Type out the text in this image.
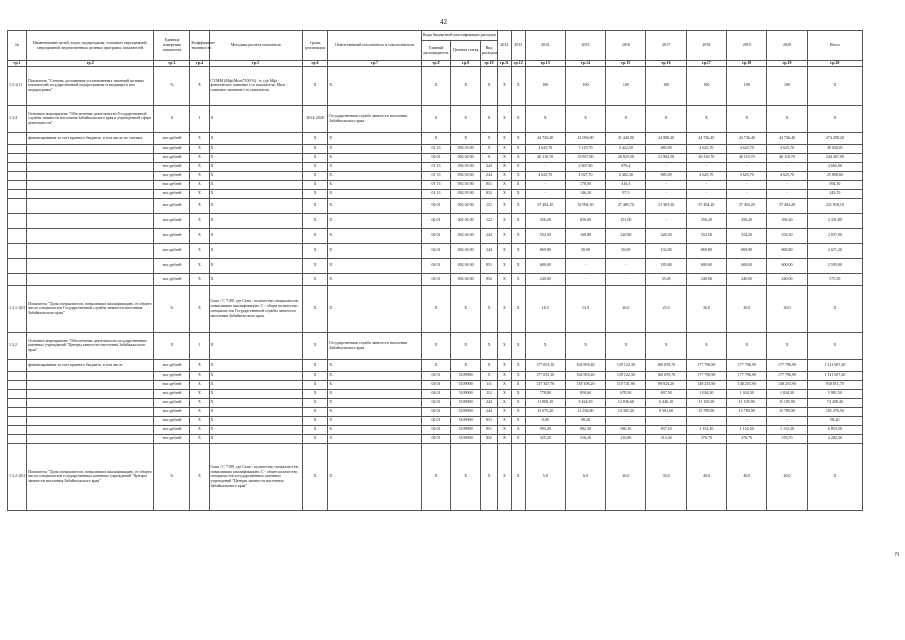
42
N
№	Наименование целей, задач, подпрограмм, основных мероприятий, мероприятий, ведомственных целевых программ, показателей	Единица измерения показателя	Коэффициент значимости	Методика расчета показателя	Сроки реализации	Ответственный исполнитель и соисполнители	Коды бюджетной классификации расходов			2012	2013	2014	2015	2016	2017	2018	2019	2020	Итого
							Главный распорядитель	Целевая статья	Вид расходов										
гр.1	гр.2	гр.3	гр.4	гр.5	гр.6	гр.7	гр.8	гр.9	гр.10	гр.11	гр.12	гр.13	гр.14	гр.15	гр.16	гр.17	гр.18	гр.19	гр.20
1.5.1(1)	Показатель "Степень достижения установленных значений целевых показателей государственной подпрограммы и входящих в нее подпрограмм"	%	X	СУММ (Мфi/Мплi*100 %) / n, где Мфi - фактическое значение i-го показателя; Мплi - плановое значение i-го показателя	X	X	X	X	X	X	X	100	100	100	100	100	100	100	X
1.3.4	Основное мероприятие "Обеспечение деятельности Государственной службы занятости населения Забайкальского края и учрежденной сфере деятельности"	X	1	X	2014-2020	Государственная служба занятости населения Забайкальского края	X	X	X	X	X	X	X	X	X	X	X	X	X
	финансирование за счет краевого бюджета, в том числе по статьям:	тыс.рублей	X	X	X	X	X	X	X	X	X	44 736,40	41 056,00	31 440,00	22 808,20	44 736,40	44 736,40	44 736,40	274 298,20
		тыс.рублей	X	X	X	X	01 13	092 03 00	X	X	X	4 625,70	7 219,70	3 422,50	885,09	4 625,70	4 625,70	4 625,70	30 030,01
		тыс.рублей	X	X	X	X	04 01	002 04 00	X	X	X	40 110,70	33 837,00	26 025,50	21 962,58	40 110,70	40 110,70	40 110,70	244 267,09
		тыс.рублей	X	X	X	X	01 13	092 03 00	242	X	X	-	2 867,60	876,4	-	-	-	-	3 662,00
		тыс.рублей	X	X	X	X	01 13	092 03 00	244	X	X	4 625,70	4 027,70	2 482,30	885,09	4 625,70	4 625,70	4 625,70	25 898,60
		тыс.рублей	X	X	X	X	01 13	092 03 00	851	X	X	-	178,00	416,3	-	-	-	-	594,30
		тыс.рублей	X	X	X	X	01 13	092 03 00	852	X	X	-	146,20	97,5	-	-	-	-	243,70
		тыс.рублей	X	X	X	X	04 01	002 04 00	121	X	X	37 494,20	32 994,30	27 485,70	21 383,30	37 494,20	37 494,20	37 494,20	231 818,10
		тыс.рублей	X	X	X	X	04 01	002 04 00	122	X	X	356,20	656,00	251,00	-	356,20	356,20	356,20	2 331,80
		тыс.рублей	X	X	X	X	04 01	002 04 00	242	X	X	554,50	160,80	220,80	226,30	554,50	554,50	554,50	2 837,00
		тыс.рублей	X	X	X	X	04 01	002 04 00	244	X	X	869,80	30,00	56,00	132,00	869,80	869,80	869,80	2 671,20
		тыс.рублей	X	X	X	X	04 01	002 04 00	851	X	X	600,00	-	-	185,00	600,00	600,00	600,00	2 595,00
		тыс.рублей	X	X	X	X	04 01	002 04 00	852	X	X	240,00	-	-	35,00	240,00	240,00	240,00	575,50
1.3.1.1(01)	Показатель "Доля специалистов, повысивших квалификацию, от общего числа специалистов Государственной службы занятости населения Забайкальского края"	%	X	Скпк / С *100, где Скпк - количество специалистов, повысивших квалификацию; С - общее количество специалистов Государственной службы занятости населения Забайкальского края	X	X	X	X	X	X	X	16,5	13,0	20,0	25,0	30,0	30,0	30,0	X
1.3.2	Основное мероприятие "Обеспечение деятельности государственных казенных учреждений "Центры занятости населения Забайкальского края"	X	1	X	X	Государственная служба занятости населения Забайкальского края	X	X	X	X	X	X	X	X	X	X	X	X	X
	финансирование за счет краевого бюджета, в том числе	тыс.рублей	X	X	X	X	X	X	X	X	X	177 053,10	164 903,40	139 122,30	160 059,70	177 796,90	177 796,90	177 796,90	1 121 607,20
		тыс.рублей	X	X	X	X	04 01	5109900	X	X	X	177 053,10	164 903,40	139 122,30	160 059,70	177 796,90	177 796,90	177 796,90	1 121 607,20
		тыс.рублей	X	X	X	X	04 01	5109900	111	X	X	147 347,70	138 106,20	110 741,90	89 824,20	148 253,90	148 253,90	148 253,90	930 811,70
		тыс.рублей	X	X	X	X	04 01	5109900	112	X	X	778,80	850,60	678,50	697,50	1 034,30	1 034,30	1 034,30	5 981,50
		тыс.рублей	X	X	X	X	04 01	5109900	242	X	X	11 908,10	9 424,50	12 836,60	6 446,10	11 105,90	11 105,90	11 105,90	74 208,40
		тыс.рублей	X	X	X	X	04 01	5109900	244	X	X	15 675,20	14 184,80	14 365,40	9 581,60	15 789,90	15 789,90	15 789,90	101 376,50
		тыс.рублей	X	X	X	X	04 01	5109900	831	X	X	0,00	98,20	-	-	-	-	-	98,20
		тыс.рублей	X	X	X	X	04 01	5109900	851	X	X	993,40	982,30	586,10	837,10	1 152,20	1 152,20	1 152,20	6 853,50
		тыс.рублей	X	X	X	X	04 01	5109900	852	X	X	325,20	316,20	216,80	313,40	376,70	376,70	376,70	2 282,30
1.3.2.1(01)	Показатель "Доля специалистов, повысивших квалификацию, от общего числа специалистов государственных казенных учреждений "Центры занятости населения Забайкальского края"	%	X	Скпк / С *100, где Скпк - количество специалистов, повысивших квалификацию; С - общее количество специалистов государственных казенных учреждений "Центры занятости населения Забайкальского края"	X	X	X	X	X	X	X	5,0	6,0	20,0	35,0	40,0	40,0	40,0	X
